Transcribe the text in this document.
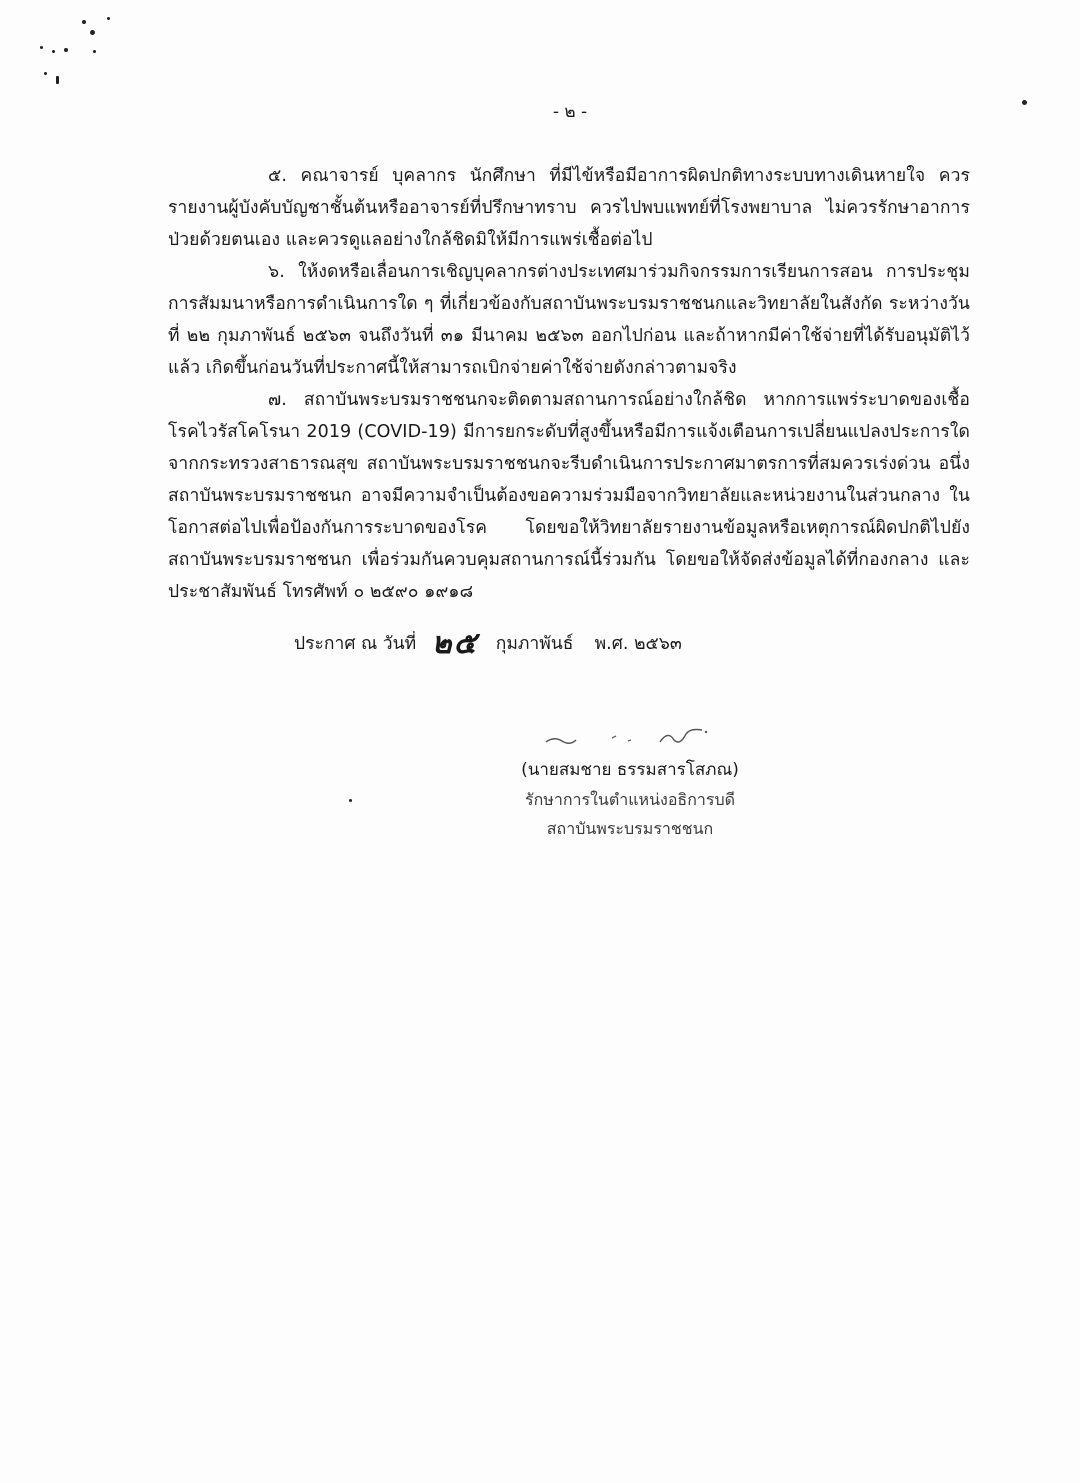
- ๒ -

๕. คณาจารย์ บุคลากร นักศึกษา ที่มีไข้หรือมีอาการผิดปกติทางระบบทางเดินหายใจ ควรรายงานผู้บังคับบัญชาชั้นต้นหรืออาจารย์ที่ปรึกษาทราบ ควรไปพบแพทย์ที่โรงพยาบาล ไม่ควรรักษาอาการป่วยด้วยตนเอง และควรดูแลอย่างใกล้ชิดมิให้มีการแพร่เชื้อต่อไป

๖. ให้งดหรือเลื่อนการเชิญบุคลากรต่างประเทศมาร่วมกิจกรรมการเรียนการสอน การประชุม การสัมมนาหรือการดำเนินการใด ๆ ที่เกี่ยวข้องกับสถาบันพระบรมราชชนกและวิทยาลัยในสังกัด ระหว่างวันที่ ๒๒ กุมภาพันธ์ ๒๕๖๓ จนถึงวันที่ ๓๑ มีนาคม ๒๕๖๓ ออกไปก่อน และถ้าหากมีค่าใช้จ่ายที่ได้รับอนุมัติไว้แล้ว เกิดขึ้นก่อนวันที่ประกาศนี้ให้สามารถเบิกจ่ายค่าใช้จ่ายดังกล่าวตามจริง

๗. สถาบันพระบรมราชชนกจะติดตามสถานการณ์อย่างใกล้ชิด หากการแพร่ระบาดของเชื้อโรคไวรัสโคโรนา 2019 (COVID-19) มีการยกระดับที่สูงขึ้นหรือมีการแจ้งเตือนการเปลี่ยนแปลงประการใด จากกระทรวงสาธารณสุข สถาบันพระบรมราชชนกจะรีบดำเนินการประกาศมาตรการที่สมควรเร่งด่วน อนึ่ง สถาบันพระบรมราชชนก อาจมีความจำเป็นต้องขอความร่วมมือจากวิทยาลัยและหน่วยงานในส่วนกลาง ในโอกาสต่อไปเพื่อป้องกันการระบาดของโรค โดยขอให้วิทยาลัยรายงานข้อมูลหรือเหตุการณ์ผิดปกติไปยัง สถาบันพระบรมราชชนก เพื่อร่วมกันควบคุมสถานการณ์นี้ร่วมกัน โดยขอให้จัดส่งข้อมูลได้ที่กองกลาง และประชาสัมพันธ์ โทรศัพท์ ๐ ๒๕๙๐ ๑๙๑๘

ประกาศ ณ วันที่ ๒๕ กุมภาพันธ์ พ.ศ. ๒๕๖๓
(นายสมชาย ธรรมสารโสภณ)
รักษาการในตำแหน่งอธิการบดี
สถาบันพระบรมราชชนก
